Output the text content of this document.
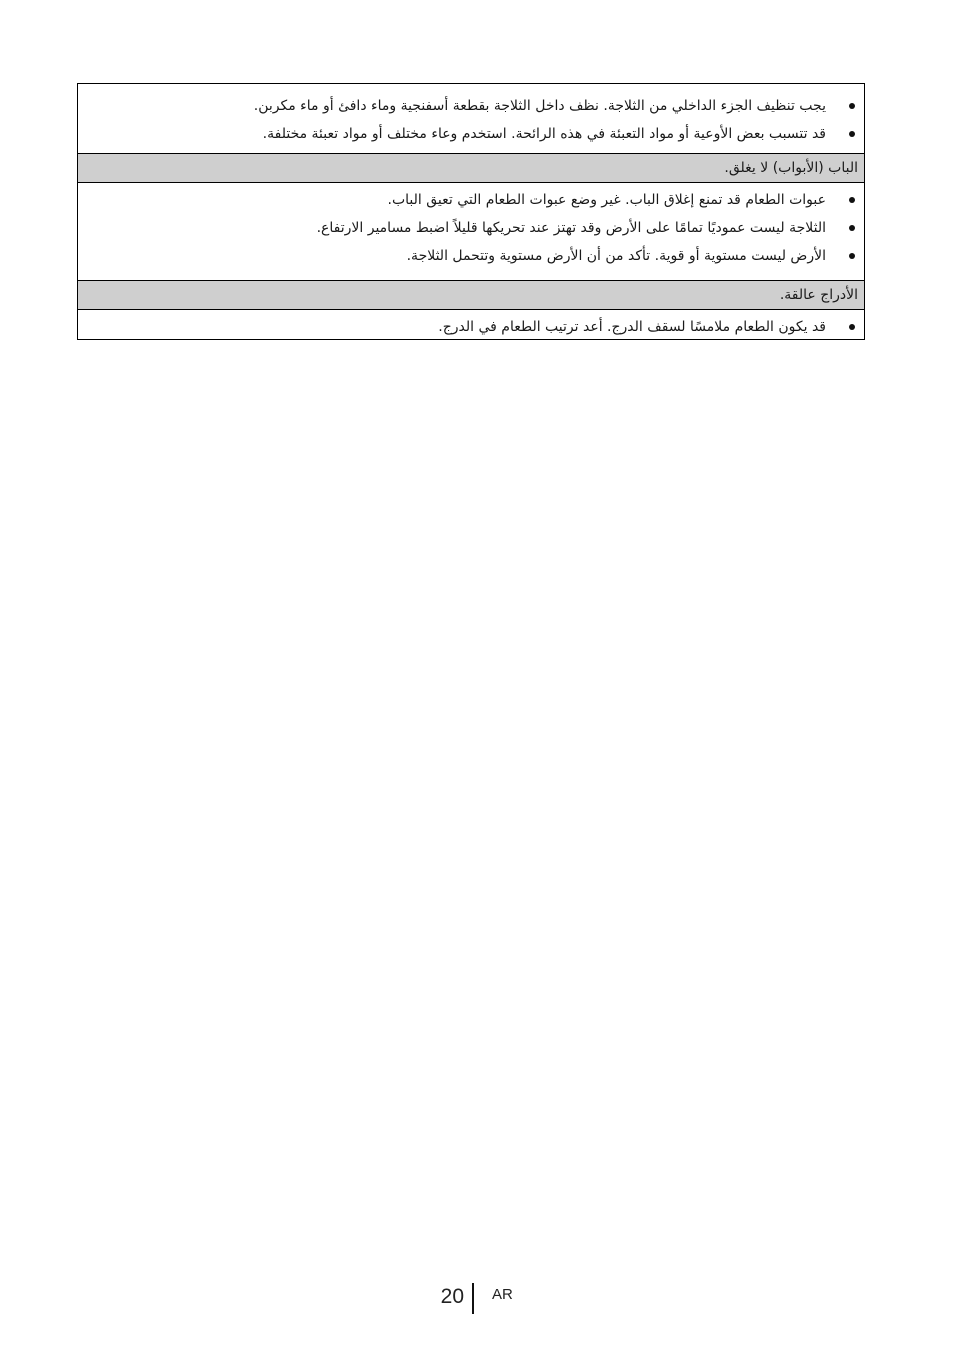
يجب تنظيف الجزء الداخلي من الثلاجة. نظف داخل الثلاجة بقطعة أسفنجية وماء دافئ أو ماء مكربن.
قد تتسبب بعض الأوعية أو مواد التعبئة في هذه الرائحة. استخدم وعاء مختلف أو مواد تعبئة مختلفة.
الباب (الأبواب) لا يغلق.
عبوات الطعام قد تمنع إغلاق الباب. غير وضع عبوات الطعام التي تعيق الباب.
الثلاجة ليست عموديًا تمامًا على الأرض وقد تهتز عند تحريكها قليلاً اضبط مسامير الارتفاع.
الأرض ليست مستوية أو قوية. تأكد من أن الأرض مستوية وتتحمل الثلاجة.
الأدراج عالقة.
قد يكون الطعام ملامسًا لسقف الدرج. أعد ترتيب الطعام في الدرج.
20 AR
